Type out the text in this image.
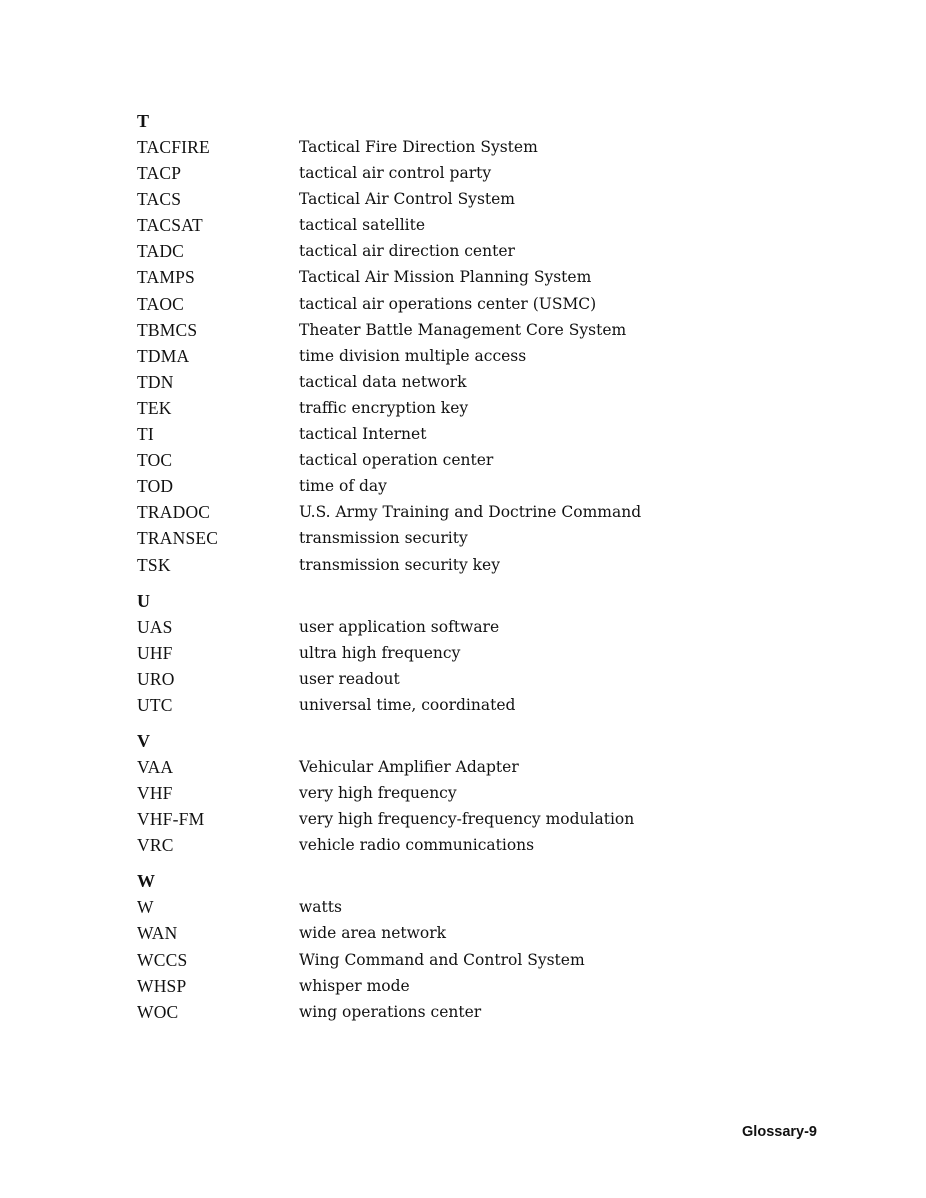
T
TACFIRE	Tactical Fire Direction System
TACP	tactical air control party
TACS	Tactical Air Control System
TACSAT	tactical satellite
TADC	tactical air direction center
TAMPS	Tactical Air Mission Planning System
TAOC	tactical air operations center (USMC)
TBMCS	Theater Battle Management Core System
TDMA	time division multiple access
TDN	tactical data network
TEK	traffic encryption key
TI	tactical Internet
TOC	tactical operation center
TOD	time of day
TRADOC	U.S. Army Training and Doctrine Command
TRANSEC	transmission security
TSK	transmission security key
U
UAS	user application software
UHF	ultra high frequency
URO	user readout
UTC	universal time, coordinated
V
VAA	Vehicular Amplifier Adapter
VHF	very high frequency
VHF-FM	very high frequency-frequency modulation
VRC	vehicle radio communications
W
W	watts
WAN	wide area network
WCCS	Wing Command and Control System
WHSP	whisper mode
WOC	wing operations center
Glossary-9
